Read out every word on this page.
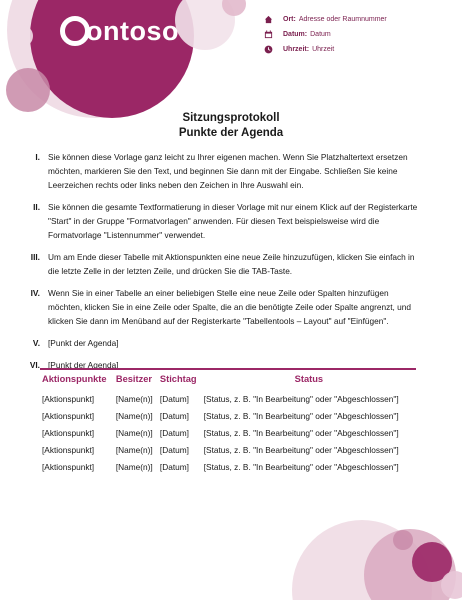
ontoso	Ort: Adresse oder Raumnummer
Datum: Datum
Uhrzeit: Uhrzeit
Sitzungsprotokoll
Punkte der Agenda
I. Sie können diese Vorlage ganz leicht zu Ihrer eigenen machen. Wenn Sie Platzhaltertext ersetzen möchten, markieren Sie den Text, und beginnen Sie dann mit der Eingabe. Schließen Sie keine Leerzeichen rechts oder links neben den Zeichen in Ihre Auswahl ein.
II. Sie können die gesamte Textformatierung in dieser Vorlage mit nur einem Klick auf der Registerkarte "Start" in der Gruppe "Formatvorlagen" anwenden. Für diesen Text beispielsweise wird die Formatvorlage "Listennummer" verwendet.
III. Um am Ende dieser Tabelle mit Aktionspunkten eine neue Zeile hinzuzufügen, klicken Sie einfach in die letzte Zelle in der letzten Zeile, und drücken Sie die TAB-Taste.
IV. Wenn Sie in einer Tabelle an einer beliebigen Stelle eine neue Zeile oder Spalten hinzufügen möchten, klicken Sie in eine Zeile oder Spalte, die an die benötigte Zeile oder Spalte angrenzt, und klicken Sie dann im Menüband auf der Registerkarte "Tabellentools – Layout" auf "Einfügen".
V. [Punkt der Agenda]
VI. [Punkt der Agenda]
Aktionspunkte	Besitzer	Stichtag	Status
[Aktionspunkt]	[Name(n)]	[Datum]	[Status, z. B. "In Bearbeitung" oder "Abgeschlossen"]
[Aktionspunkt]	[Name(n)]	[Datum]	[Status, z. B. "In Bearbeitung" oder "Abgeschlossen"]
[Aktionspunkt]	[Name(n)]	[Datum]	[Status, z. B. "In Bearbeitung" oder "Abgeschlossen"]
[Aktionspunkt]	[Name(n)]	[Datum]	[Status, z. B. "In Bearbeitung" oder "Abgeschlossen"]
[Aktionspunkt]	[Name(n)]	[Datum]	[Status, z. B. "In Bearbeitung" oder "Abgeschlossen"]
